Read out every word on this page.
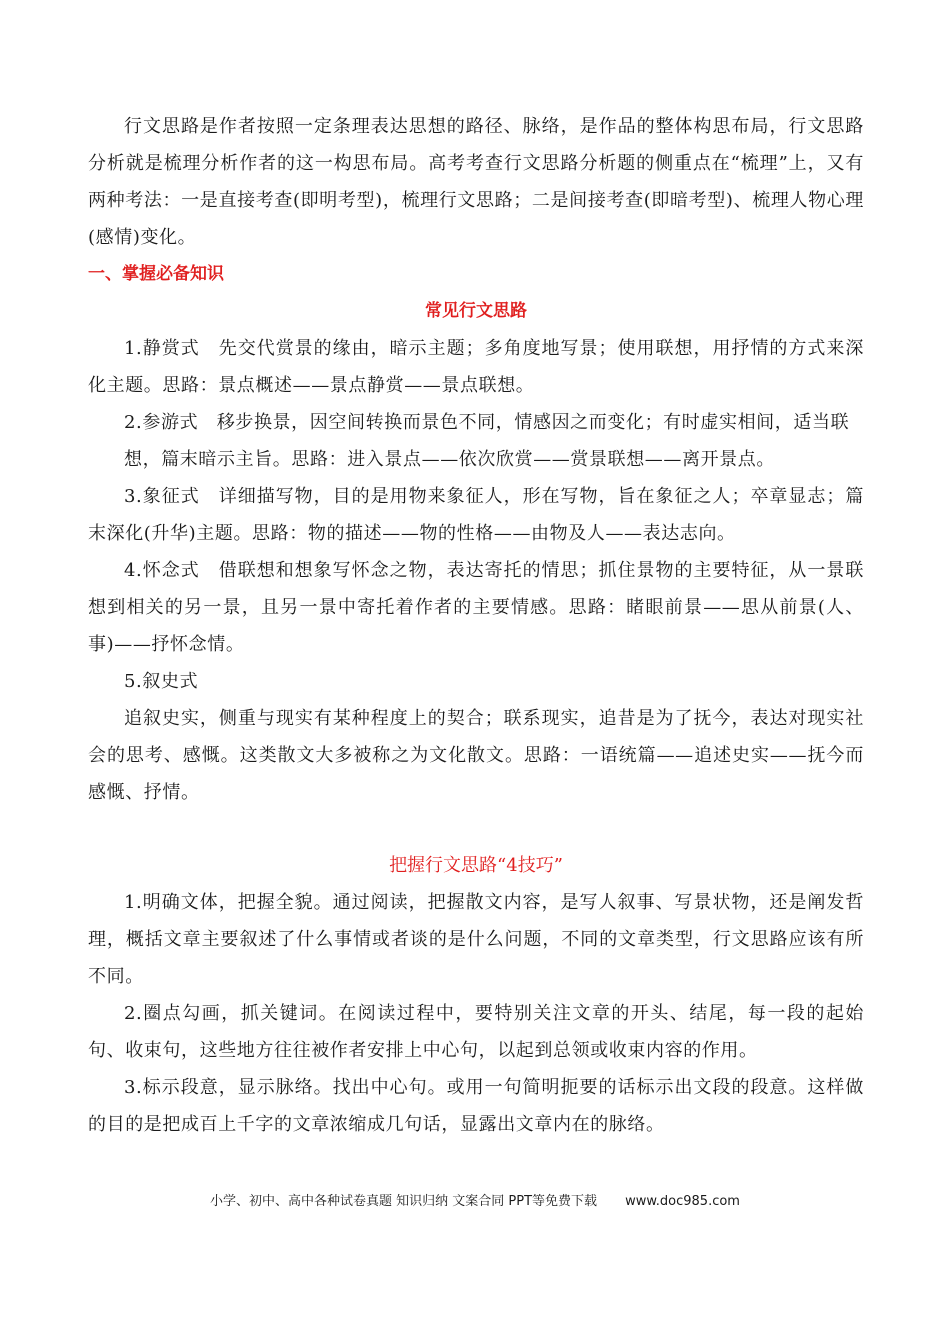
行文思路是作者按照一定条理表达思想的路径、脉络，是作品的整体构思布局，行文思路分析就是梳理分析作者的这一构思布局。高考考查行文思路分析题的侧重点在“梳理”上，又有两种考法：一是直接考查(即明考型)，梳理行文思路；二是间接考查(即暗考型)、梳理人物心理(感情)变化。

一、掌握必备知识

常见行文思路

1.静赏式　先交代赏景的缘由，暗示主题；多角度地写景；使用联想，用抒情的方式来深化主题。思路：景点概述——景点静赏——景点联想。

2.参游式　移步换景，因空间转换而景色不同，情感因之而变化；有时虚实相间，适当联

想，篇末暗示主旨。思路：进入景点——依次欣赏——赏景联想——离开景点。

3.象征式　详细描写物，目的是用物来象征人，形在写物，旨在象征之人；卒章显志；篇末深化(升华)主题。思路：物的描述——物的性格——由物及人——表达志向。

4.怀念式　借联想和想象写怀念之物，表达寄托的情思；抓住景物的主要特征，从一景联想到相关的另一景，且另一景中寄托着作者的主要情感。思路：睹眼前景——思从前景(人、事)——抒怀念情。

5.叙史式

追叙史实，侧重与现实有某种程度上的契合；联系现实，追昔是为了抚今，表达对现实社会的思考、感慨。这类散文大多被称之为文化散文。思路：一语统篇——追述史实——抚今而感慨、抒情。

把握行文思路“4技巧”

1.明确文体，把握全貌。通过阅读，把握散文内容，是写人叙事、写景状物，还是阐发哲理，概括文章主要叙述了什么事情或者谈的是什么问题，不同的文章类型，行文思路应该有所不同。

2.圈点勾画，抓关键词。在阅读过程中，要特别关注文章的开头、结尾，每一段的起始句、收束句，这些地方往往被作者安排上中心句，以起到总领或收束内容的作用。

3.标示段意，显示脉络。找出中心句。或用一句简明扼要的话标示出文段的段意。这样做的目的是把成百上千字的文章浓缩成几句话，显露出文章内在的脉络。

小学、初中、高中各种试卷真题 知识归纳 文案合同 PPT等免费下载 www.doc985.com
